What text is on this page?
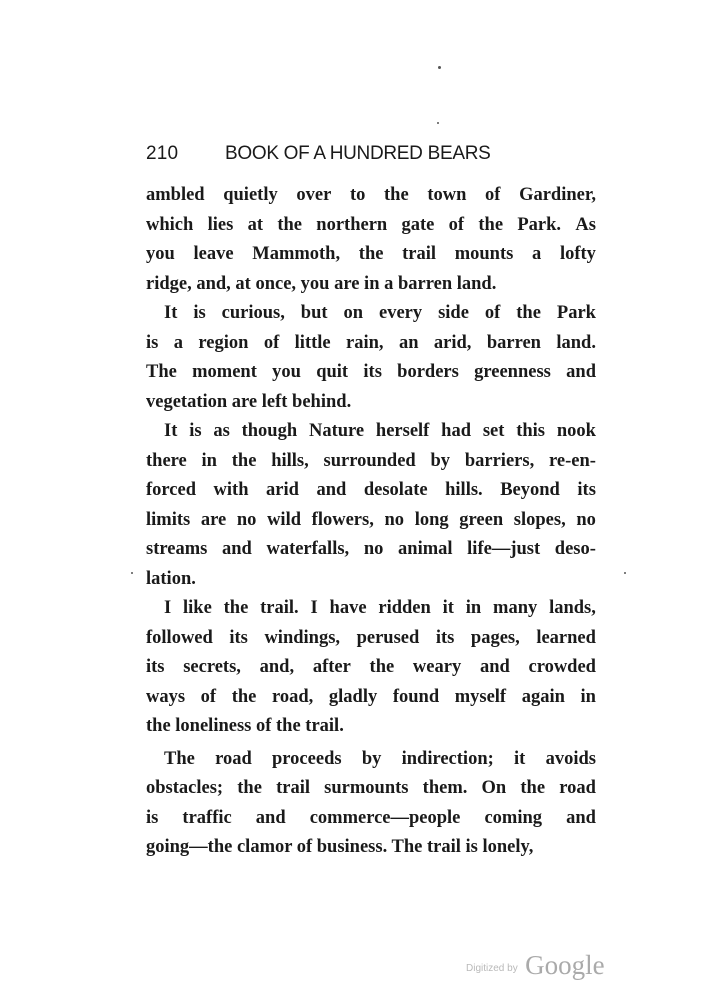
210 BOOK OF A HUNDRED BEARS
ambled quietly over to the town of Gardiner,
which lies at the northern gate of the Park. As
you leave Mammoth, the trail mounts a lofty
ridge, and, at once, you are in a barren land.
It is curious, but on every side of the Park
is a region of little rain, an arid, barren land.
The moment you quit its borders greenness and
vegetation are left behind.
It is as though Nature herself had set this nook
there in the hills, surrounded by barriers, re-en-
forced with arid and desolate hills. Beyond its
limits are no wild flowers, no long green slopes, no
streams and waterfalls, no animal life—just deso-
lation.
I like the trail. I have ridden it in many lands,
followed its windings, perused its pages, learned
its secrets, and, after the weary and crowded
ways of the road, gladly found myself again in
the loneliness of the trail.
The road proceeds by indirection; it avoids
obstacles; the trail surmounts them. On the road
is traffic and commerce—people coming and
going—the clamor of business. The trail is lonely,
Digitized by Google
